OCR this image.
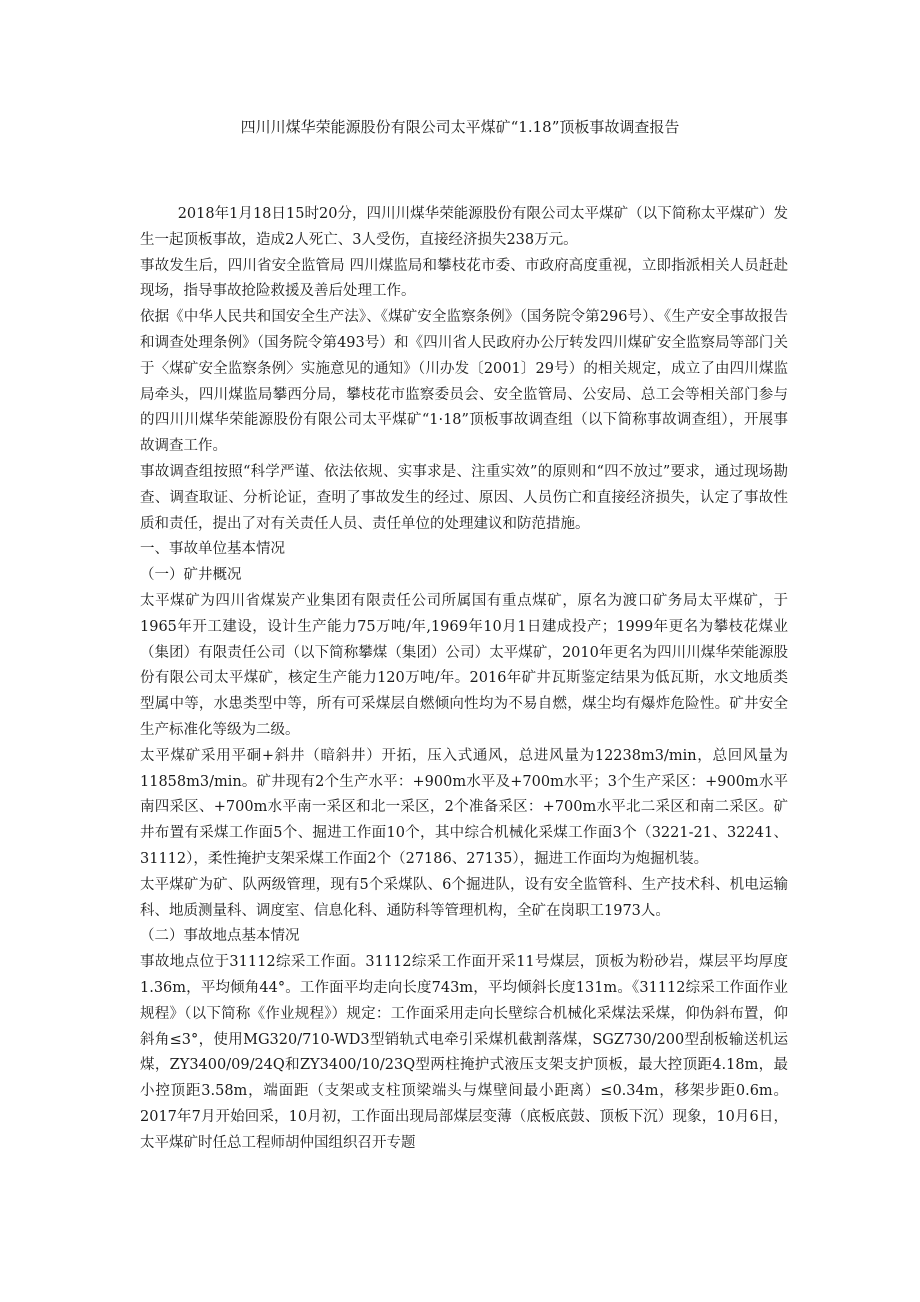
四川川煤华荣能源股份有限公司太平煤矿“1.18”顶板事故调查报告

2018年1月18日15时20分，四川川煤华荣能源股份有限公司太平煤矿（以下简称太平煤矿）发生一起顶板事故，造成2人死亡、3人受伤，直接经济损失238万元。

事故发生后，四川省安全监管局 四川煤监局和攀枝花市委、市政府高度重视，立即指派相关人员赶赴现场，指导事故抢险救援及善后处理工作。

依据《中华人民共和国安全生产法》、《煤矿安全监察条例》（国务院令第296号）、《生产安全事故报告和调查处理条例》（国务院令第493号）和《四川省人民政府办公厅转发四川煤矿安全监察局等部门关于〈煤矿安全监察条例〉实施意见的通知》（川办发〔2001〕29号）的相关规定，成立了由四川煤监局牵头，四川煤监局攀西分局，攀枝花市监察委员会、安全监管局、公安局、总工会等相关部门参与的四川川煤华荣能源股份有限公司太平煤矿“1·18”顶板事故调查组（以下简称事故调查组），开展事故调查工作。

事故调查组按照“科学严谨、依法依规、实事求是、注重实效”的原则和“四不放过”要求，通过现场勘查、调查取证、分析论证，查明了事故发生的经过、原因、人员伤亡和直接经济损失，认定了事故性质和责任，提出了对有关责任人员、责任单位的处理建议和防范措施。

一、事故单位基本情况

（一）矿井概况

太平煤矿为四川省煤炭产业集团有限责任公司所属国有重点煤矿，原名为渡口矿务局太平煤矿，于1965年开工建设，设计生产能力75万吨/年,1969年10月1日建成投产；1999年更名为攀枝花煤业（集团）有限责任公司（以下简称攀煤（集团）公司）太平煤矿，2010年更名为四川川煤华荣能源股份有限公司太平煤矿，核定生产能力120万吨/年。2016年矿井瓦斯鉴定结果为低瓦斯，水文地质类型属中等，水患类型中等，所有可采煤层自燃倾向性均为不易自燃，煤尘均有爆炸危险性。矿井安全生产标准化等级为二级。

太平煤矿采用平硐+斜井（暗斜井）开拓，压入式通风，总进风量为12238m3/min，总回风量为11858m3/min。矿井现有2个生产水平：+900m水平及+700m水平；3个生产采区：+900m水平南四采区、+700m水平南一采区和北一采区，2个准备采区：+700m水平北二采区和南二采区。矿井布置有采煤工作面5个、掘进工作面10个，其中综合机械化采煤工作面3个（3221-21、32241、31112），柔性掩护支架采煤工作面2个（27186、27135），掘进工作面均为炮掘机装。

太平煤矿为矿、队两级管理，现有5个采煤队、6个掘进队，设有安全监管科、生产技术科、机电运输科、地质测量科、调度室、信息化科、通防科等管理机构，全矿在岗职工1973人。

（二）事故地点基本情况

事故地点位于31112综采工作面。31112综采工作面开采11号煤层，顶板为粉砂岩，煤层平均厚度1.36m，平均倾角44°。工作面平均走向长度743m，平均倾斜长度131m。《31112综采工作面作业规程》（以下简称《作业规程》）规定：工作面采用走向长壁综合机械化采煤法采煤，仰伪斜布置，仰斜角≤3°，使用MG320/710-WD3型销轨式电牵引采煤机截割落煤，SGZ730/200型刮板输送机运煤，ZY3400/09/24Q和ZY3400/10/23Q型两柱掩护式液压支架支护顶板，最大控顶距4.18m，最小控顶距3.58m，端面距（支架或支柱顶梁端头与煤壁间最小距离）≤0.34m，移架步距0.6m。2017年7月开始回采，10月初，工作面出现局部煤层变薄（底板底鼓、顶板下沉）现象，10月6日，太平煤矿时任总工程师胡仲国组织召开专题
